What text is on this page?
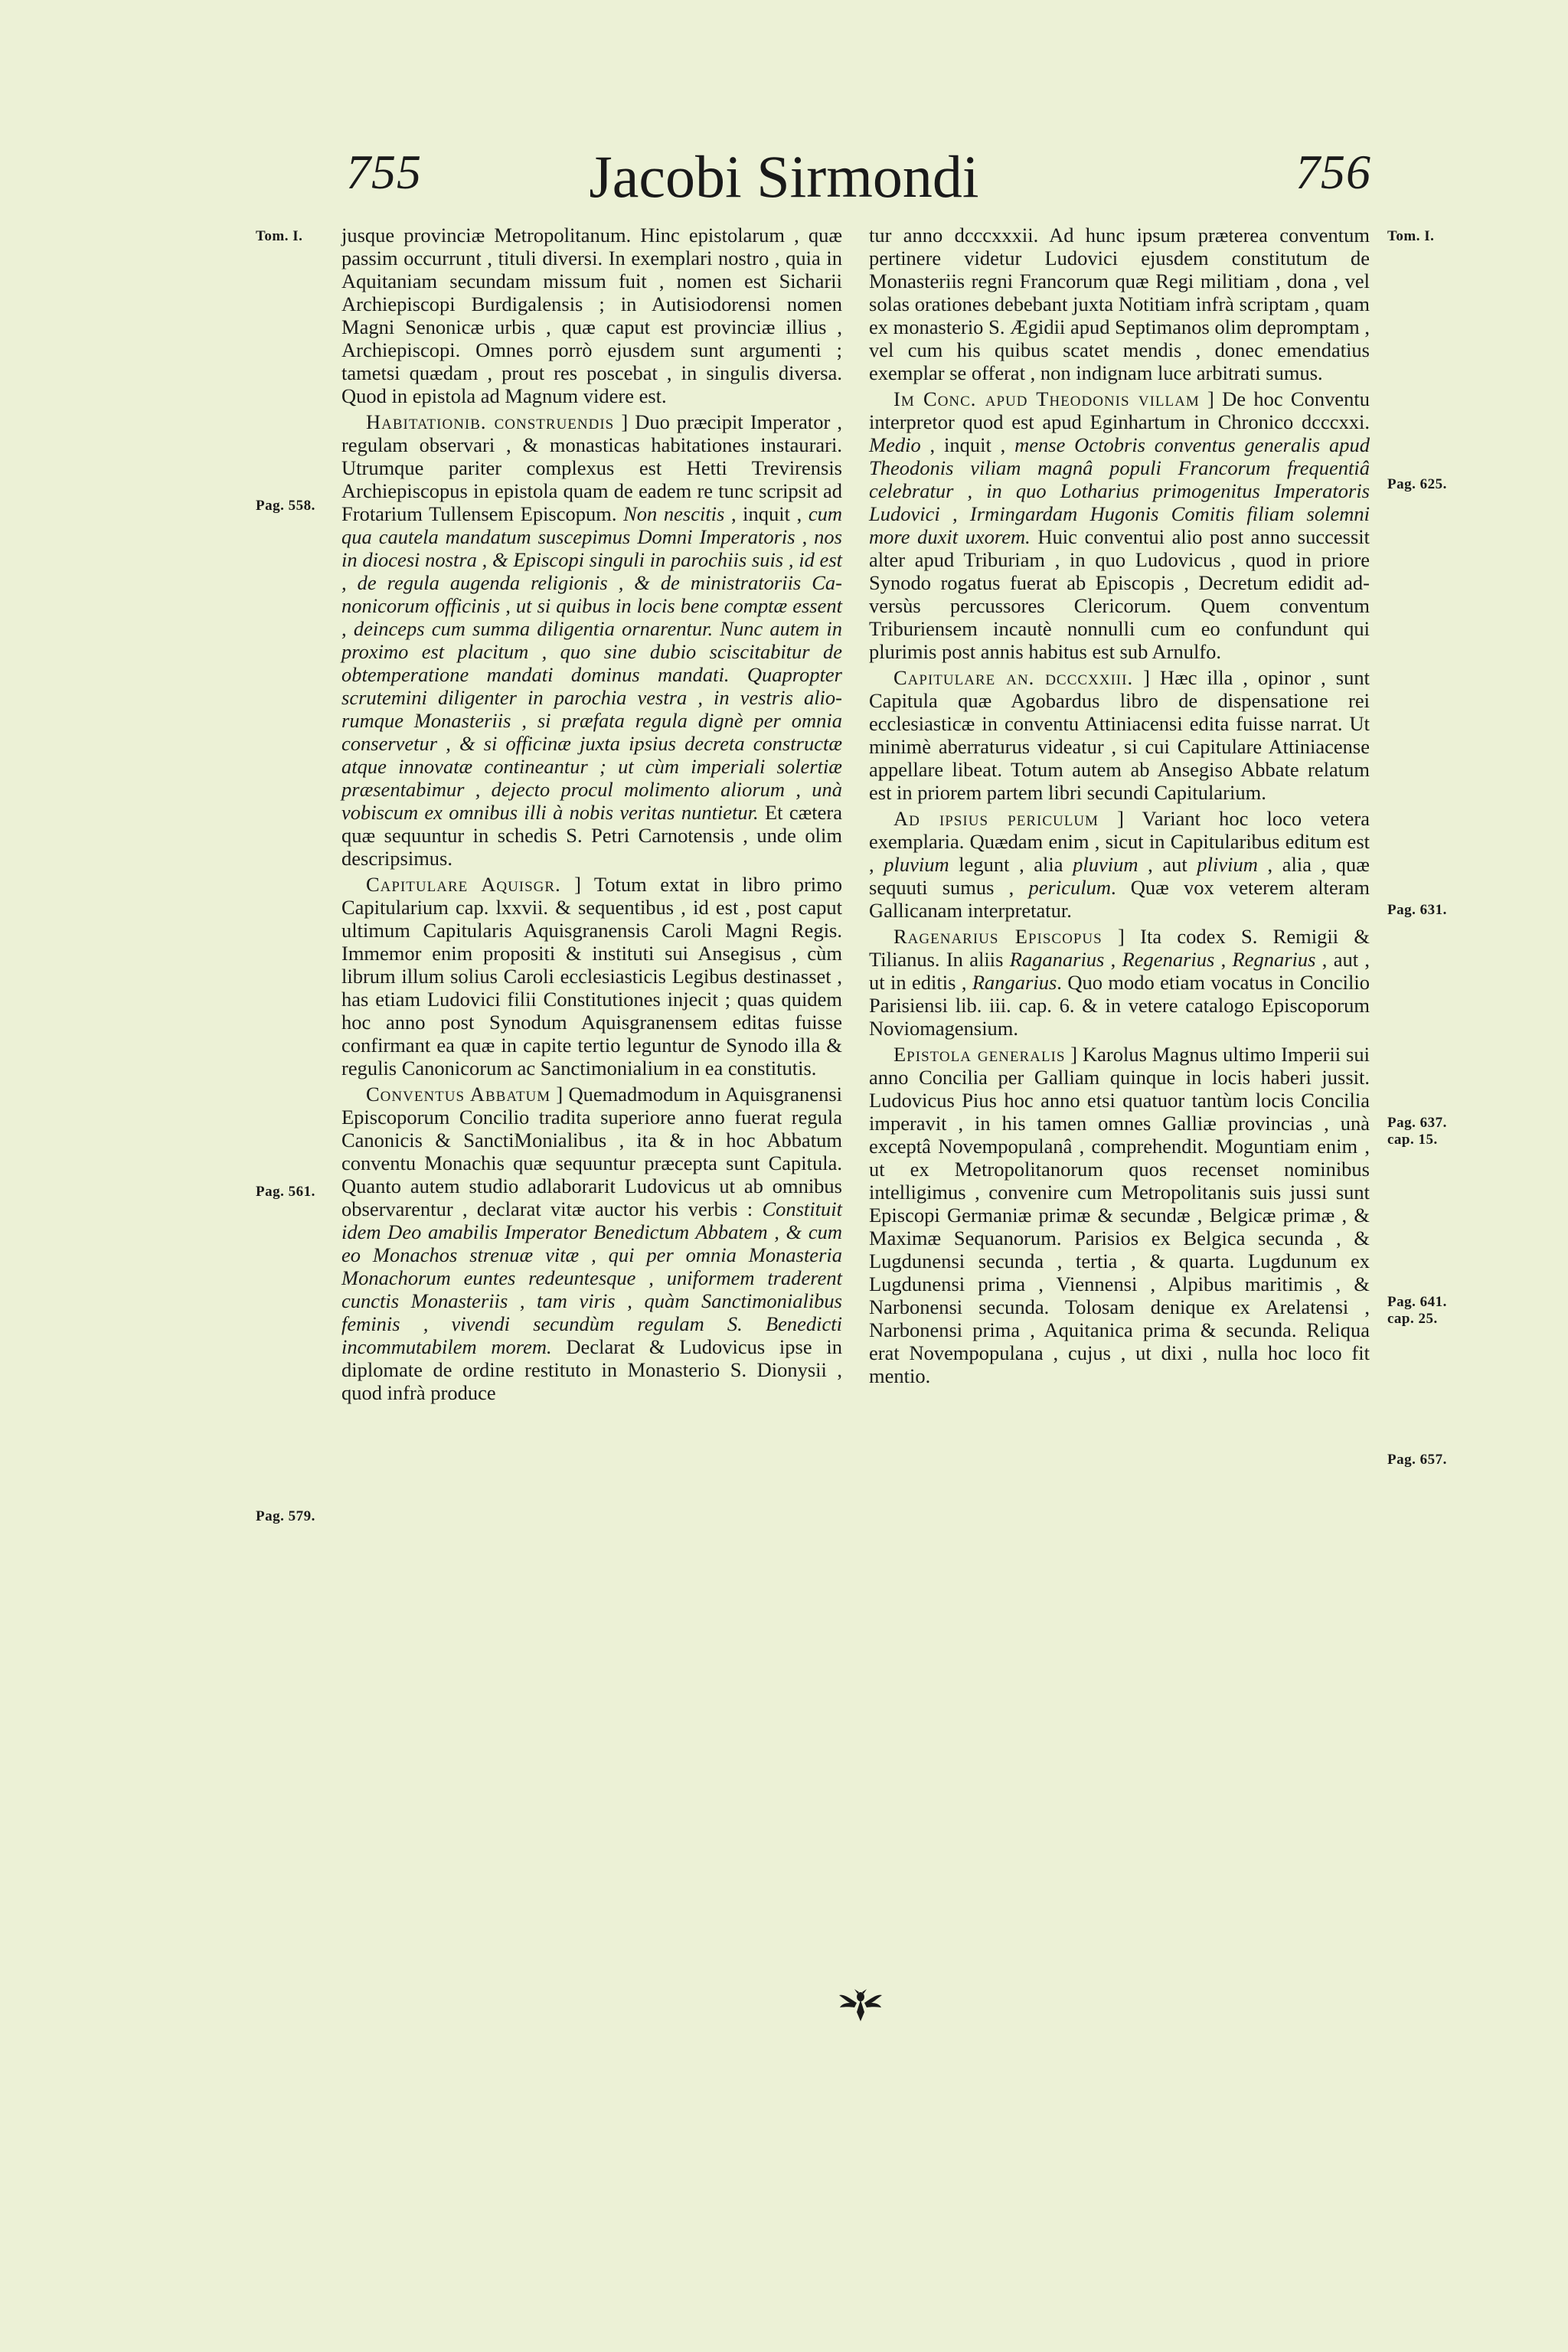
755	Jacobi Sirmondi	756
Tom. I.
Pag. 558.
Pag. 561.
Pag. 579.
Tom. I.
Pag. 625.
Pag. 631.
Pag. 637.
cap. 15.
Pag. 641.
cap. 25.
Pag. 657.

jusque provinciæ Metropolitanum. Hinc epistolarum , quæ passim occurrunt , tituli diversi. In exemplari nostro , quia in Aquitaniam secundam missum fuit , nomen est Sicharii Archiepiscopi Burdigalensis ; in Autisiodorensi nomen Magni Senonicæ urbis , quæ caput est provinciæ illius , Archiepiscopi. Omnes porrò ejusdem sunt argumenti ; tametsi quædam , prout res poscebat , in singulis diversa. Quod in epistola ad Magnum videre est.

Habitationib. construendis ] Duo præcipit Imperator , regulam observari , & monasticas habitationes instaurari. Utrumque pariter complexus est Hetti Trevirensis Archiepiscopus in epistola quam de eadem re tunc scripsit ad Frotarium Tullensem Episcopum. Non nescitis , inquit , cum qua cautela mandatum suscepimus Domni Imperatoris , nos in diocesi nostra , & Episcopi singuli in parochiis suis , id est , de regula augenda religionis , & de ministratoriis Canonicorum officinis , ut si quibus in locis bene comptæ essent , deinceps cum summa diligentia ornarentur. Nunc autem in proximo est placitum , quo sine dubio sciscitabitur de obtemperatione mandati dominus mandati. Quapropter scrutemini diligenter in parochia vestra , in vestris aliorumque Monasteriis , si præfata regula dignè per omnia conservetur , & si officinæ juxta ipsius decreta constructæ atque innovatæ contineantur ; ut cùm imperiali solertiæ præsentabimur , dejecto procul molimento aliorum , unà vobiscum ex omnibus illi à nobis veritas nuntietur. Et cætera quæ sequuntur in schedis S. Petri Carnotensis , unde olim descripsimus.

Capitulare Aquisgr. ] Totum extat in libro primo Capitularium cap. lxxvii. & sequentibus , id est , post caput ultimum Capitularis Aquisgranensis Caroli Magni Regis. Immemor enim propositi & instituti sui Ansegisus , cùm librum illum solius Caroli ecclesiasticis Legibus destinasset , has etiam Ludovici filii Constitutiones injecit ; quas quidem hoc anno post Synodum Aquisgranensem editas fuisse confirmant ea quæ in capite tertio leguntur de Synodo illa & regulis Canonicorum ac Sanctimonialium in ea constitutis.

Conventus Abbatum ] Quemadmodum in Aquisgranensi Episcoporum Concilio tradita superiore anno fuerat regula Canonicis & SanctiMonialibus , ita & in hoc Abbatum conventu Monachis quæ sequuntur præcepta sunt Capitula. Quanto autem studio adlaborarit Ludovicus ut ab omnibus observarentur , declarat vitæ auctor his verbis : Constituit idem Deo amabilis Imperator Benedictum Abbatem , & cum eo Monachos strenuæ vitæ , qui per omnia Monasteria Monachorum euntes redeuntesque , uniformem traderent cunctis Monasteriis , tam viris , quàm Sanctimonialibus feminis , vivendi secundùm regulam S. Benedicti incommutabilem morem. Declarat & Ludovicus ipse in diplomate de ordine restituto in Monasterio S. Dionysii , quod infrà produce

tur anno dcccxxxii. Ad hunc ipsum præterea conventum pertinere videtur Ludovici ejusdem constitutum de Monasteriis regni Francorum quæ Regi militiam , dona , vel solas orationes debebant juxta Notitiam infrà scriptam , quam ex monasterio S. Ægidii apud Septimanos olim depromptam , vel cum his quibus scatet mendis , donec emendatius exemplar se offerat , non indignam luce arbitrati sumus.

Im Conc. apud Theodonis villam ] De hoc Conventu interpretor quod est apud Eginhartum in Chronico dcccxxi. Medio , inquit , mense Octobris conventus generalis apud Theodonis viliam magnâ populi Francorum frequentiâ celebratur , in quo Lotharius primogenitus Imperatoris Ludovici , Irmingardam Hugonis Comitis filiam solemni more duxit uxorem. Huic conventui alio post anno successit alter apud Triburiam , in quo Ludovicus , quod in priore Synodo rogatus fuerat ab Episcopis , Decretum edidit adversùs percussores Clericorum. Quem conventum Triburiensem incautè nonnulli cum eo confundunt qui plurimis post annis habitus est sub Arnulfo.

Capitulare an. dcccxxiii. ] Hæc illa , opinor , sunt Capitula quæ Agobardus libro de dispensatione rei ecclesiasticæ in conventu Attiniacensi edita fuisse narrat. Ut minimè aberraturus videatur , si cui Capitulare Attiniacense appellare libeat. Totum autem ab Ansegiso Abbate relatum est in priorem partem libri secundi Capitularium.

Ad ipsius periculum ] Variant hoc loco vetera exemplaria. Quædam enim , sicut in Capitularibus editum est , pluvium legunt , alia pluvium , aut plivium , alia , quæ sequuti sumus , periculum. Quæ vox veterem alteram Gallicanam interpretatur.

Ragenarius Episcopus ] Ita codex S. Remigii & Tilianus. In aliis Raganarius , Regenarius , Regnarius , aut , ut in editis , Rangarius. Quo modo etiam vocatus in Concilio Parisiensi lib. iii. cap. 6. & in vetere catalogo Episcoporum Noviomagensium.

Epistola generalis ] Karolus Magnus ultimo Imperii sui anno Concilia per Galliam quinque in locis haberi jussit. Ludovicus Pius hoc anno etsi quatuor tantùm locis Concilia imperavit , in his tamen omnes Galliæ provincias , unà exceptâ Novempopulanâ , comprehendit. Moguntiam enim , ut ex Metropolitanorum quos recenset nominibus intelligimus , convenire cum Metropolitanis suis jussi sunt Episcopi Germaniæ primæ & secundæ , Belgicæ primæ , & Maximæ Sequanorum. Parisios ex Belgica secunda , & Lugdunensi secunda , tertia , & quarta. Lugdunum ex Lugdunensi prima , Viennensi , Alpibus maritimis , & Narbonensi secunda. Tolosam denique ex Arelatensi , Narbonensi prima , Aquitanica prima & secunda. Reliqua erat Novempopulana , cujus , ut dixi , nulla hoc loco fit mentio.
